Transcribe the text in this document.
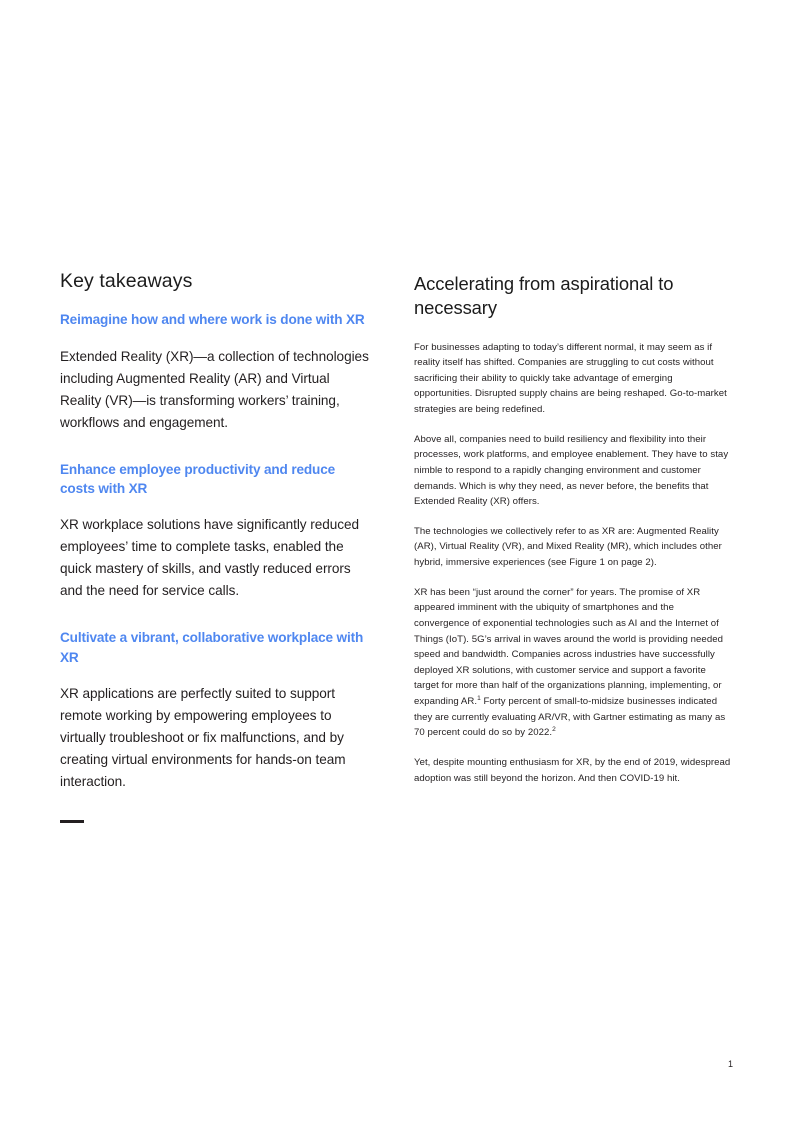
Key takeaways
Reimagine how and where work is done with XR

Extended Reality (XR)—a collection of technologies including Augmented Reality (AR) and Virtual Reality (VR)—is transforming workers’ training, workflows and engagement.

Enhance employee productivity and reduce costs with XR

XR workplace solutions have significantly reduced employees’ time to complete tasks, enabled the quick mastery of skills, and vastly reduced errors and the need for service calls.

Cultivate a vibrant, collaborative workplace with XR

XR applications are perfectly suited to support remote working by empowering employees to virtually troubleshoot or fix malfunctions, and by creating virtual environments for hands-on team interaction.

Accelerating from aspirational to necessary

For businesses adapting to today’s different normal, it may seem as if reality itself has shifted. Companies are struggling to cut costs without sacrificing their ability to quickly take advantage of emerging opportunities. Disrupted supply chains are being reshaped. Go-to-market strategies are being redefined.

Above all, companies need to build resiliency and flexibility into their processes, work platforms, and employee enablement. They have to stay nimble to respond to a rapidly changing environment and customer demands. Which is why they need, as never before, the benefits that Extended Reality (XR) offers.

The technologies we collectively refer to as XR are: Augmented Reality (AR), Virtual Reality (VR), and Mixed Reality (MR), which includes other hybrid, immersive experiences (see Figure 1 on page 2).

XR has been “just around the corner” for years. The promise of XR appeared imminent with the ubiquity of smartphones and the convergence of exponential technologies such as AI and the Internet of Things (IoT). 5G’s arrival in waves around the world is providing needed speed and bandwidth. Companies across industries have successfully deployed XR solutions, with customer service and support a favorite target for more than half of the organizations planning, implementing, or expanding AR.$^1$ Forty percent of small-to-midsize businesses indicated they are currently evaluating AR/VR, with Gartner estimating as many as 70 percent could do so by 2022.$^2$

Yet, despite mounting enthusiasm for XR, by the end of 2019, widespread adoption was still beyond the horizon. And then COVID-19 hit.

1
